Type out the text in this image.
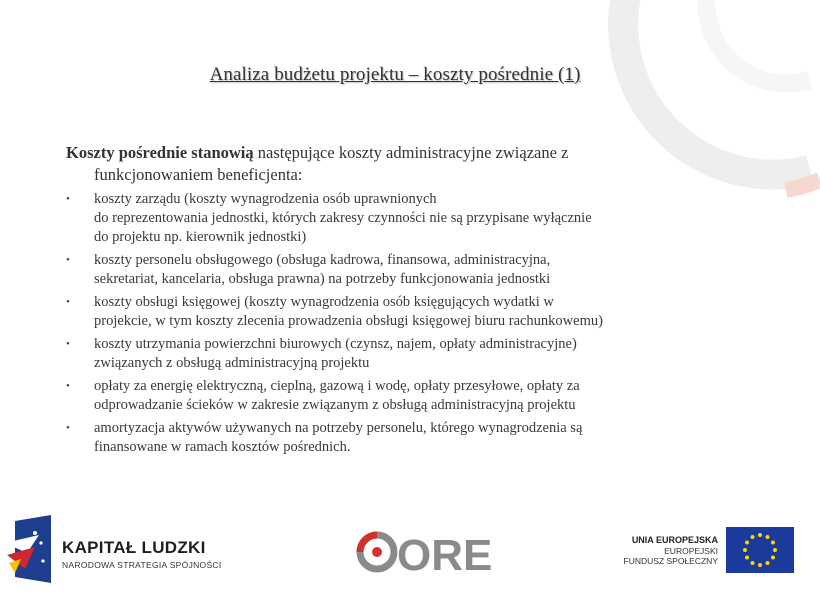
Analiza budżetu projektu – koszty pośrednie (1)
Koszty pośrednie stanowią następujące koszty administracyjne związane z
funkcjonowaniem beneficjenta:
• koszty zarządu (koszty wynagrodzenia osób uprawnionych
do reprezentowania jednostki, których zakresy czynności nie są przypisane wyłącznie
do projektu np. kierownik jednostki)
• koszty personelu obsługowego (obsługa kadrowa, finansowa, administracyjna,
sekretariat, kancelaria, obsługa prawna) na potrzeby funkcjonowania jednostki
• koszty obsługi księgowej (koszty wynagrodzenia osób księgujących wydatki w
projekcie, w tym koszty zlecenia prowadzenia obsługi księgowej biuru rachunkowemu)
• koszty utrzymania powierzchni biurowych (czynsz, najem, opłaty administracyjne)
związanych z obsługą administracyjną projektu
• opłaty za energię elektryczną, cieplną, gazową i wodę, opłaty przesyłowe, opłaty za
odprowadzanie ścieków w zakresie związanym z obsługą administracyjną projektu
• amortyzacja aktywów używanych na potrzeby personelu, którego wynagrodzenia są
finansowane w ramach kosztów pośrednich.
KAPITAŁ LUDZKI
NARODOWA STRATEGIA SPÓJNOŚCI	ORE	UNIA EUROPEJSKA
EUROPEJSKI
FUNDUSZ SPOŁECZNY
